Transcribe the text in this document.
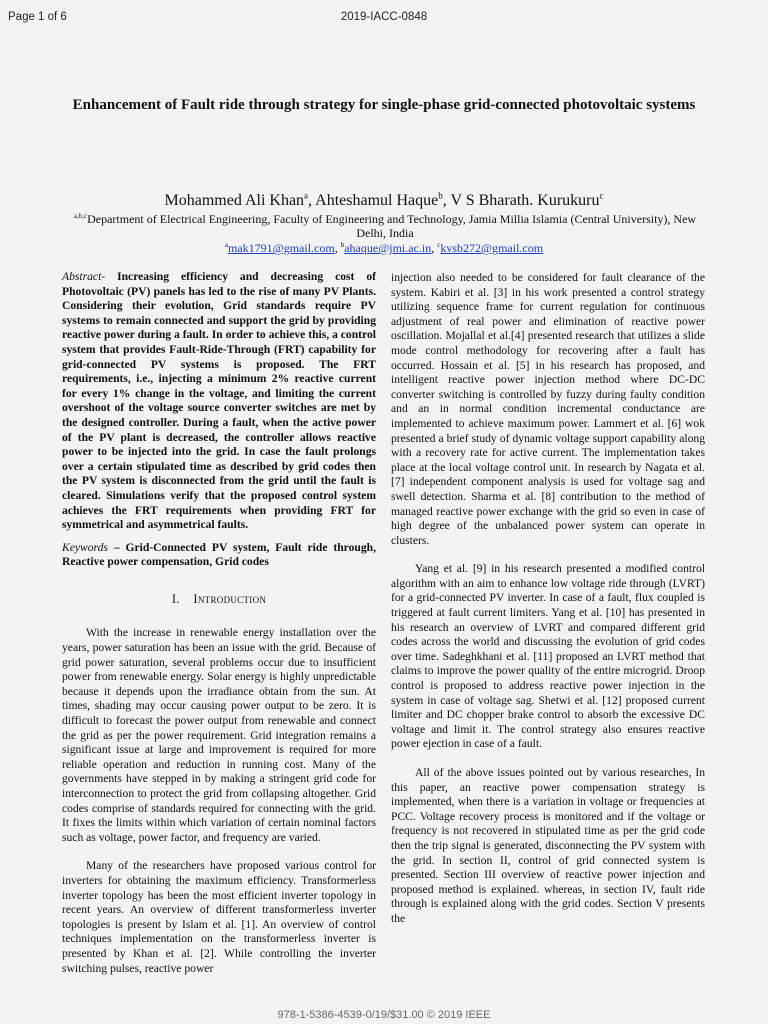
Page 1 of 6	2019-IACC-0848
Enhancement of Fault ride through strategy for single-phase grid-connected photovoltaic systems
Mohammed Ali Khan$^a$, Ahteshamul Haque$^b$, V S Bharath. Kurukuru$^c$
$^{a,b,c}$Department of Electrical Engineering, Faculty of Engineering and Technology, Jamia Millia Islamia (Central University), New Delhi, India
$^a$mak1791@gmail.com, $^b$ahaque@jmi.ac.in, $^c$kvsb272@gmail.com
Abstract- Increasing efficiency and decreasing cost of Photovoltaic (PV) panels has led to the rise of many PV Plants. Considering their evolution, Grid standards require PV systems to remain connected and support the grid by providing reactive power during a fault. In order to achieve this, a control system that provides Fault-Ride-Through (FRT) capability for grid-connected PV systems is proposed. The FRT requirements, i.e., injecting a minimum 2% reactive current for every 1% change in the voltage, and limiting the current overshoot of the voltage source converter switches are met by the designed controller. During a fault, when the active power of the PV plant is decreased, the controller allows reactive power to be injected into the grid. In case the fault prolongs over a certain stipulated time as described by grid codes then the PV system is disconnected from the grid until the fault is cleared. Simulations verify that the proposed control system achieves the FRT requirements when providing FRT for symmetrical and asymmetrical faults.
Keywords – Grid-Connected PV system, Fault ride through, Reactive power compensation, Grid codes
I. Introduction

With the increase in renewable energy installation over the years, power saturation has been an issue with the grid. Because of grid power saturation, several problems occur due to insufficient power from renewable energy. Solar energy is highly unpredictable because it depends upon the irradiance obtain from the sun. At times, shading may occur causing power output to be zero. It is difficult to forecast the power output from renewable and connect the grid as per the power requirement. Grid integration remains a significant issue at large and improvement is required for more reliable operation and reduction in running cost. Many of the governments have stepped in by making a stringent grid code for interconnection to protect the grid from collapsing altogether. Grid codes comprise of standards required for connecting with the grid. It fixes the limits within which variation of certain nominal factors such as voltage, power factor, and frequency are varied.

Many of the researchers have proposed various control for inverters for obtaining the maximum efficiency. Transformerless inverter topology has been the most efficient inverter topology in recent years. An overview of different transformerless inverter topologies is present by Islam et al. [1]. An overview of control techniques implementation on the transformerless inverter is presented by Khan et al. [2]. While controlling the inverter switching pulses, reactive power

injection also needed to be considered for fault clearance of the system. Kabiri et al. [3] in his work presented a control strategy utilizing sequence frame for current regulation for continuous adjustment of real power and elimination of reactive power oscillation. Mojallal et al.[4] presented research that utilizes a slide mode control methodology for recovering after a fault has occurred. Hossain et al. [5] in his research has proposed, and intelligent reactive power injection method where DC-DC converter switching is controlled by fuzzy during faulty condition and an in normal condition incremental conductance are implemented to achieve maximum power. Lammert et al. [6] wok presented a brief study of dynamic voltage support capability along with a recovery rate for active current. The implementation takes place at the local voltage control unit. In research by Nagata et al. [7] independent component analysis is used for voltage sag and swell detection. Sharma et al. [8] contribution to the method of managed reactive power exchange with the grid so even in case of high degree of the unbalanced power system can operate in clusters.

Yang et al. [9] in his research presented a modified control algorithm with an aim to enhance low voltage ride through (LVRT) for a grid-connected PV inverter. In case of a fault, flux coupled is triggered at fault current limiters. Yang et al. [10] has presented in his research an overview of LVRT and compared different grid codes across the world and discussing the evolution of grid codes over time. Sadeghkhani et al. [11] proposed an LVRT method that claims to improve the power quality of the entire microgrid. Droop control is proposed to address reactive power injection in the system in case of voltage sag. Shetwi et al. [12] proposed current limiter and DC chopper brake control to absorb the excessive DC voltage and limit it. The control strategy also ensures reactive power ejection in case of a fault.

All of the above issues pointed out by various researches, In this paper, an reactive power compensation strategy is implemented, when there is a variation in voltage or frequencies at PCC. Voltage recovery process is monitored and if the voltage or frequency is not recovered in stipulated time as per the grid code then the trip signal is generated, disconnecting the PV system with the grid. In section II, control of grid connected system is presented. Section III overview of reactive power injection and proposed method is explained. whereas, in section IV, fault ride through is explained along with the grid codes. Section V presents the

978-1-5386-4539-0/19/$31.00 © 2019 IEEE
